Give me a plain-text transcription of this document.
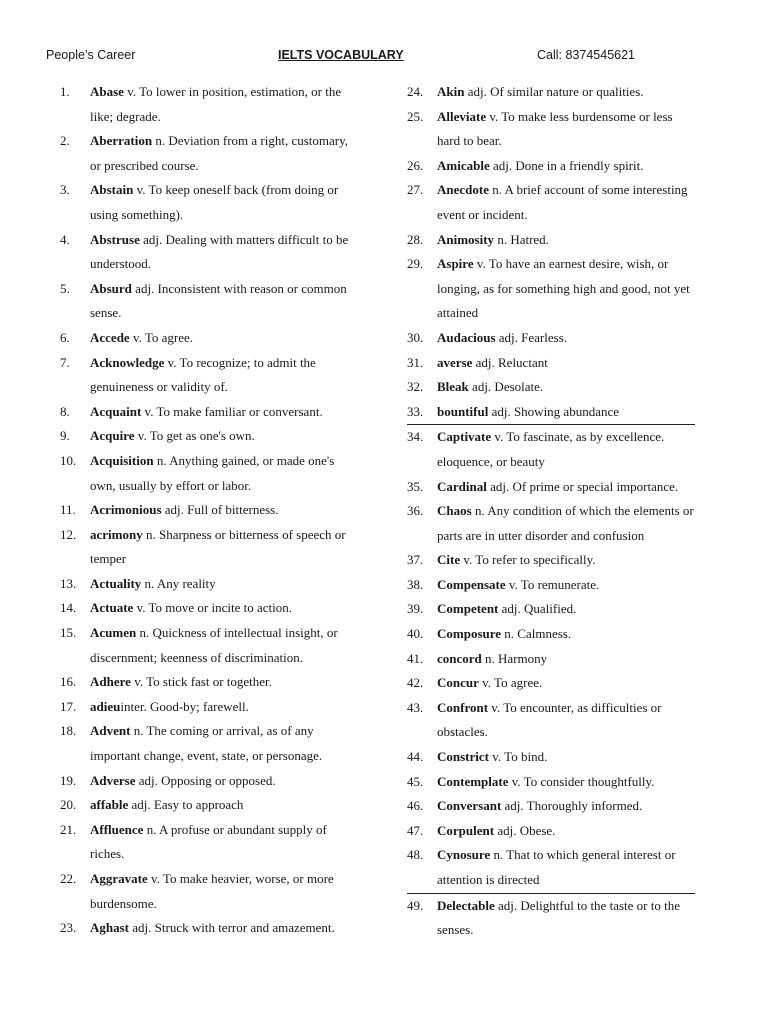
People’s Career	IELTS VOCABULARY	Call: 8374545621
1.	Abase v. To lower in position, estimation, or the like; degrade.
2.	Aberration n. Deviation from a right, customary, or prescribed course.
3.	Abstain v. To keep oneself back (from doing or using something).
4.	Abstruse adj. Dealing with matters difficult to be understood.
5.	Absurd adj. Inconsistent with reason or common sense.
6.	Accede v. To agree.
7.	Acknowledge v. To recognize; to admit the genuineness or validity of.
8.	Acquaint v. To make familiar or conversant.
9.	Acquire v. To get as one's own.
10.	Acquisition n. Anything gained, or made one's own, usually by effort or labor.
11.	Acrimonious adj. Full of bitterness.
12.	acrimony n. Sharpness or bitterness of speech or temper
13.	Actuality n. Any reality
14.	Actuate v. To move or incite to action.
15.	Acumen n. Quickness of intellectual insight, or discernment; keenness of discrimination.
16.	Adhere v. To stick fast or together.
17.	adieuinter. Good-by; farewell.
18.	Advent n. The coming or arrival, as of any important change, event, state, or personage.
19.	Adverse adj. Opposing or opposed.
20.	affable adj. Easy to approach
21.	Affluence n. A profuse or abundant supply of riches.
22.	Aggravate v. To make heavier, worse, or more burdensome.
23.	Aghast adj. Struck with terror and amazement.
24.	Akin adj. Of similar nature or qualities.
25.	Alleviate v. To make less burdensome or less hard to bear.
26.	Amicable adj. Done in a friendly spirit.
27.	Anecdote n. A brief account of some interesting event or incident.
28.	Animosity n. Hatred.
29.	Aspire v. To have an earnest desire, wish, or longing, as for something high and good, not yet attained
30.	Audacious adj. Fearless.
31.	averse adj. Reluctant
32.	Bleak adj. Desolate.
33.	bountiful adj. Showing abundance
34.	Captivate v. To fascinate, as by excellence. eloquence, or beauty
35.	Cardinal adj. Of prime or special importance.
36.	Chaos n. Any condition of which the elements or parts are in utter disorder and confusion
37.	Cite v. To refer to specifically.
38.	Compensate v. To remunerate.
39.	Competent adj. Qualified.
40.	Composure n. Calmness.
41.	concord n. Harmony
42.	Concur v. To agree.
43.	Confront v. To encounter, as difficulties or obstacles.
44.	Constrict v. To bind.
45.	Contemplate v. To consider thoughtfully.
46.	Conversant adj. Thoroughly informed.
47.	Corpulent adj. Obese.
48.	Cynosure n. That to which general interest or attention is directed
49.	Delectable adj. Delightful to the taste or to the senses.
